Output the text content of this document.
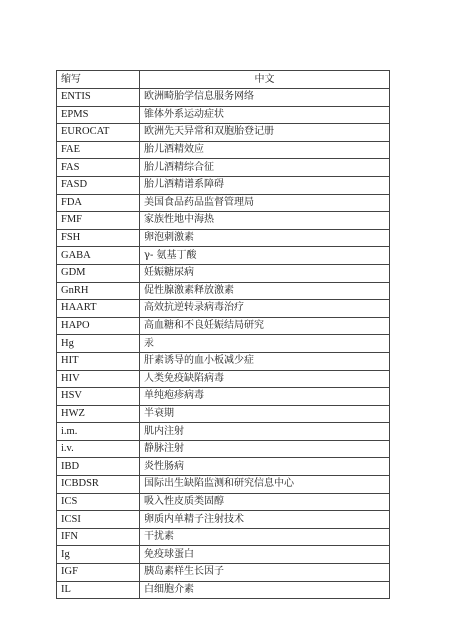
缩写	中文
ENTIS	欧洲畸胎学信息服务网络
EPMS	锥体外系运动症状
EUROCAT	欧洲先天异常和双胞胎登记册
FAE	胎儿酒精效应
FAS	胎儿酒精综合征
FASD	胎儿酒精谱系障碍
FDA	美国食品药品监督管理局
FMF	家族性地中海热
FSH	卵泡刺激素
GABA	γ- 氨基丁酸
GDM	妊娠糖尿病
GnRH	促性腺激素释放激素
HAART	高效抗逆转录病毒治疗
HAPO	高血糖和不良妊娠结局研究
Hg	汞
HIT	肝素诱导的血小板减少症
HIV	人类免疫缺陷病毒
HSV	单纯疱疹病毒
HWZ	半衰期
i.m.	肌内注射
i.v.	静脉注射
IBD	炎性肠病
ICBDSR	国际出生缺陷监测和研究信息中心
ICS	吸入性皮质类固醇
ICSI	卵质内单精子注射技术
IFN	干扰素
Ig	免疫球蛋白
IGF	胰岛素样生长因子
IL	白细胞介素
